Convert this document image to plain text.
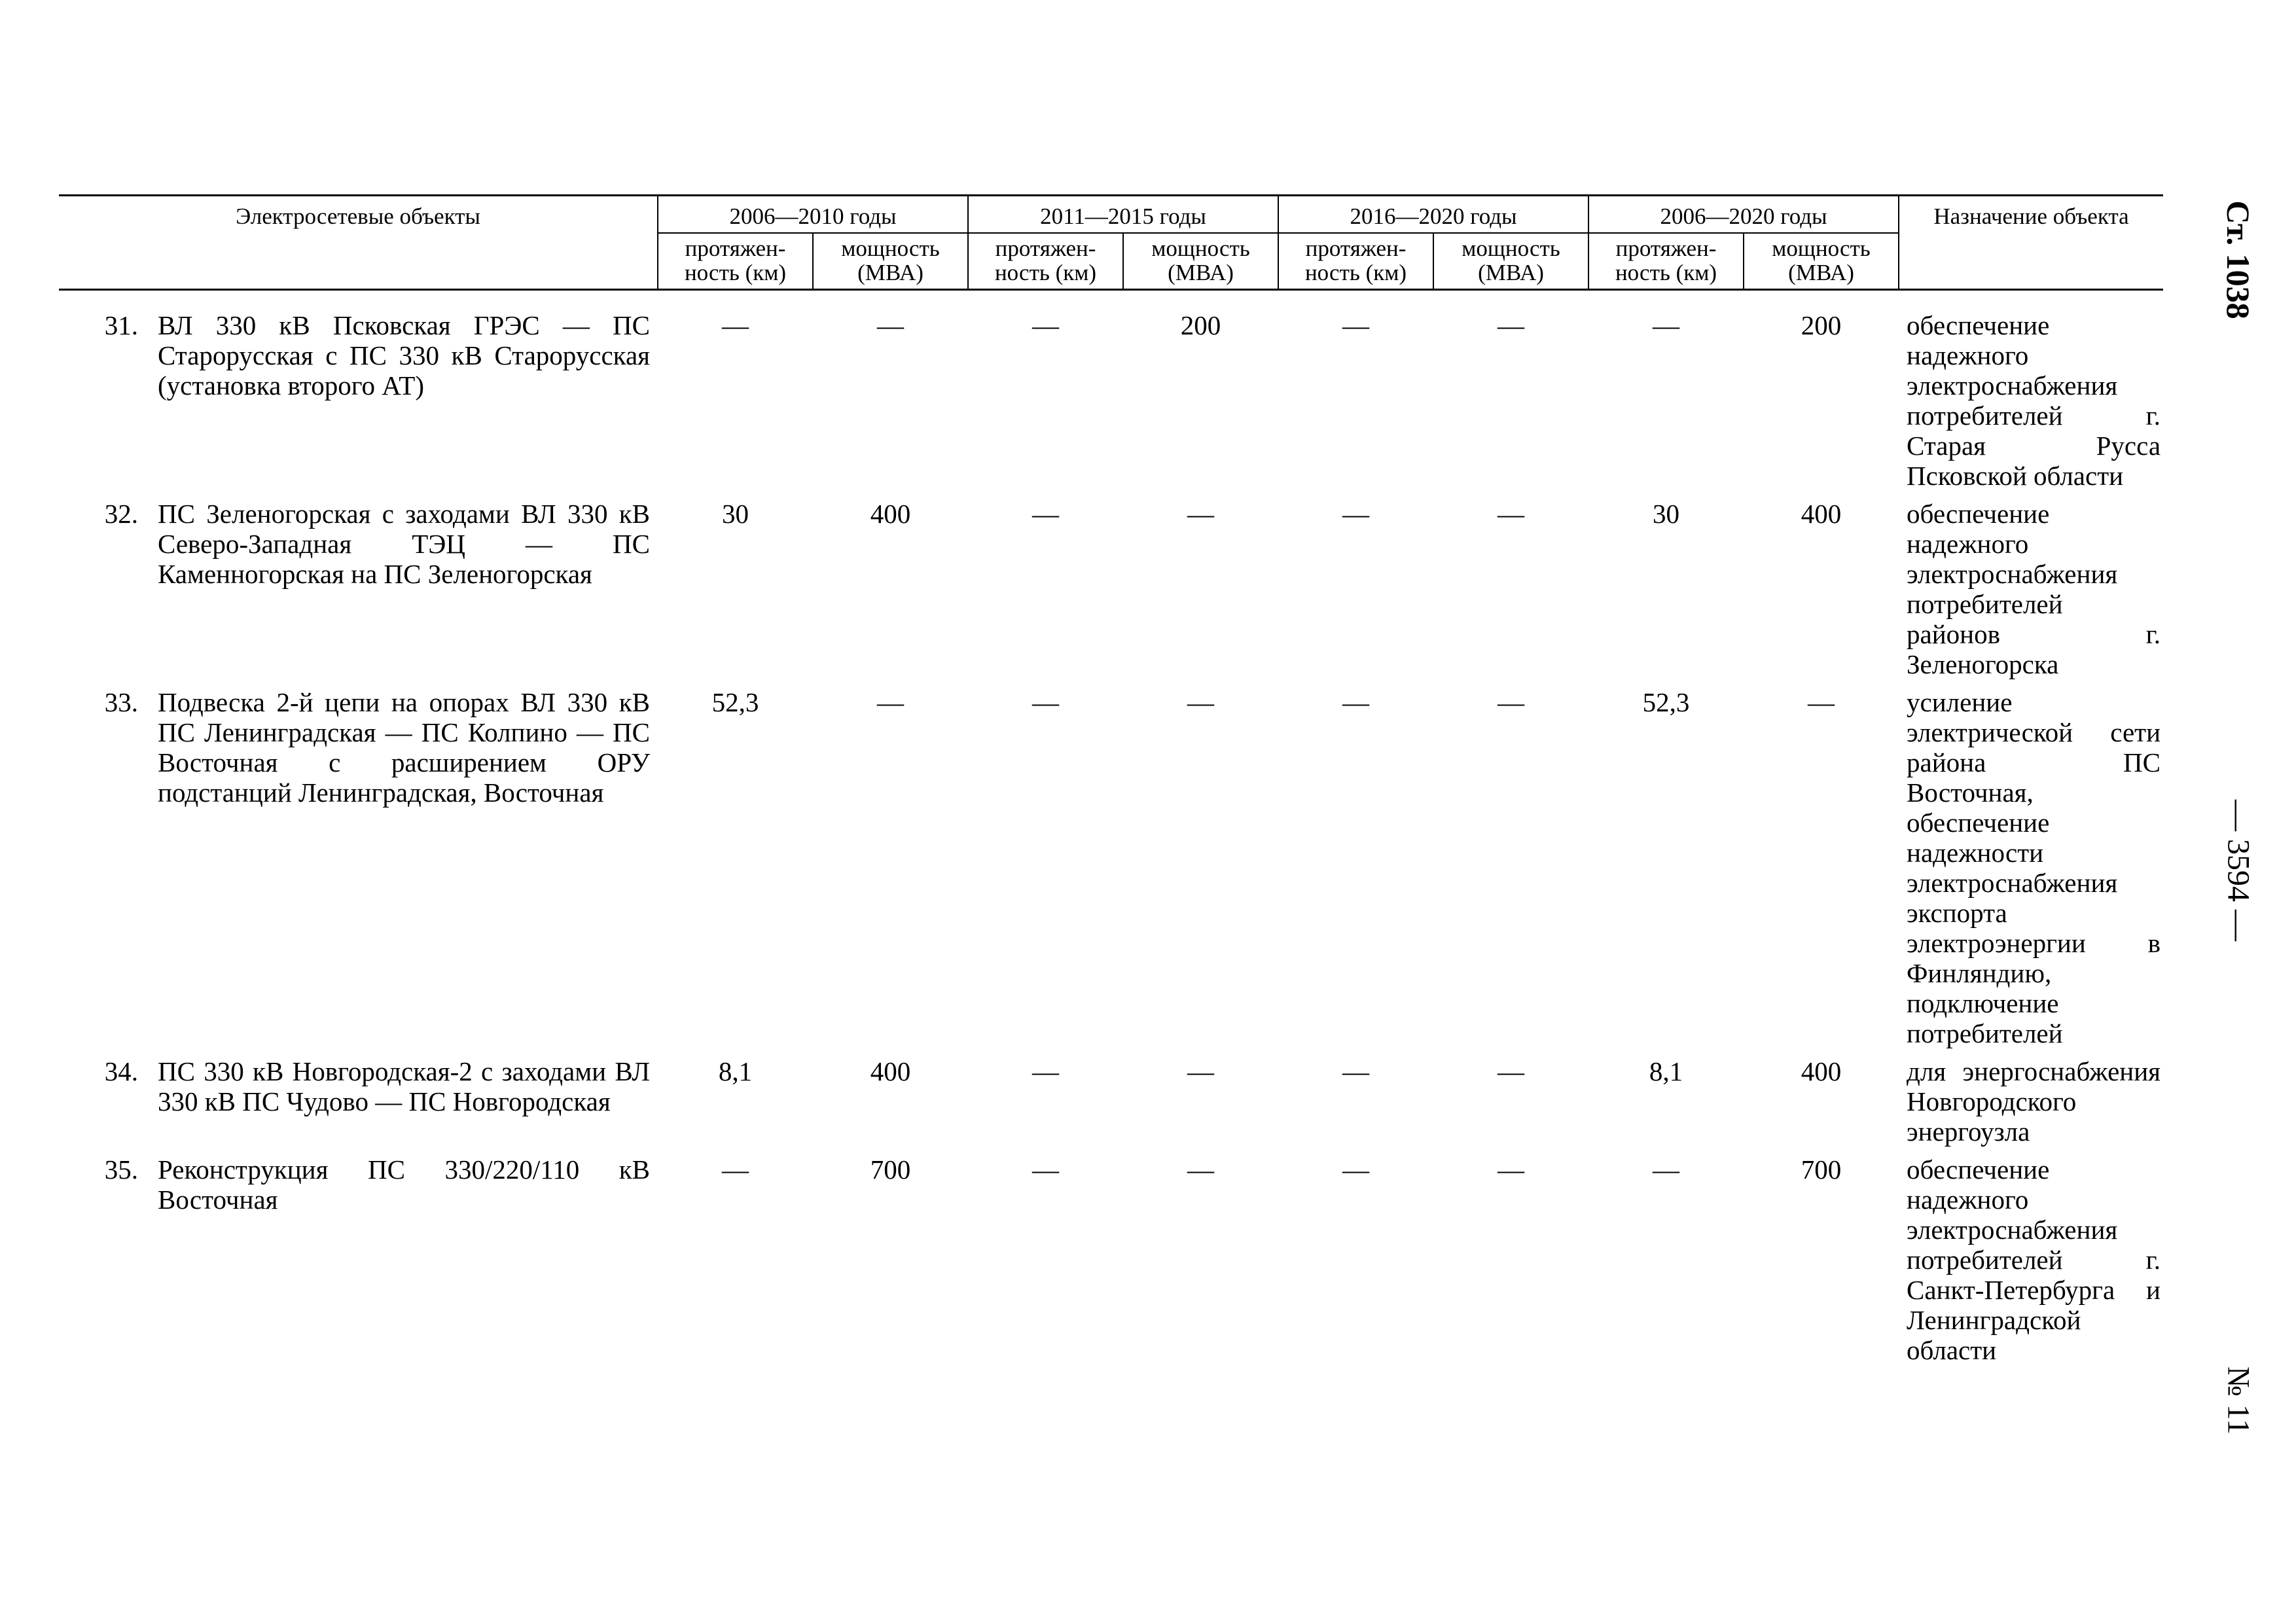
Электросетевые объекты		2006—2010 годы		2011—2015 годы		2016—2020 годы		2006—2020 годы		Назначение объекта
		протяжен-ность (км)	мощность (МВА)	протяжен-ность (км)	мощность (МВА)	протяжен-ность (км)	мощность (МВА)	протяжен-ность (км)	мощность (МВА)	
31.	ВЛ 330 кВ Псковская ГРЭС — ПС Старорусская с ПС 330 кВ Старорусская (установка второго АТ)	—	—	—	200	—	—	—	200	обеспечение надежного электроснабжения потребителей г. Старая Русса Псковской области
32.	ПС Зеленогорская с заходами ВЛ 330 кВ Северо-Западная ТЭЦ — ПС Каменногорская на ПС Зеленогорская	30	400	—	—	—	—	30	400	обеспечение надежного электроснабжения потребителей районов г. Зеленогорска
33.	Подвеска 2-й цепи на опорах ВЛ 330 кВ ПС Ленинградская — ПС Колпино — ПС Восточная с расширением ОРУ подстанций Ленинградская, Восточная	52,3	—	—	—	—	—	52,3	—	усиление электрической сети района ПС Восточная, обеспечение надежности электроснабжения экспорта электроэнергии в Финляндию, подключение потребителей
34.	ПС 330 кВ Новгородская-2 с заходами ВЛ 330 кВ ПС Чудово — ПС Новгородская	8,1	400	—	—	—	—	8,1	400	для энергоснабжения Новгородского энергоузла
35.	Реконструкция ПС 330/220/110 кВ Восточная	—	700	—	—	—	—	—	700	обеспечение надежного электроснабжения потребителей г. Санкт-Петербурга и Ленинградской области
Ст. 1038
— 3594 —
№ 11
